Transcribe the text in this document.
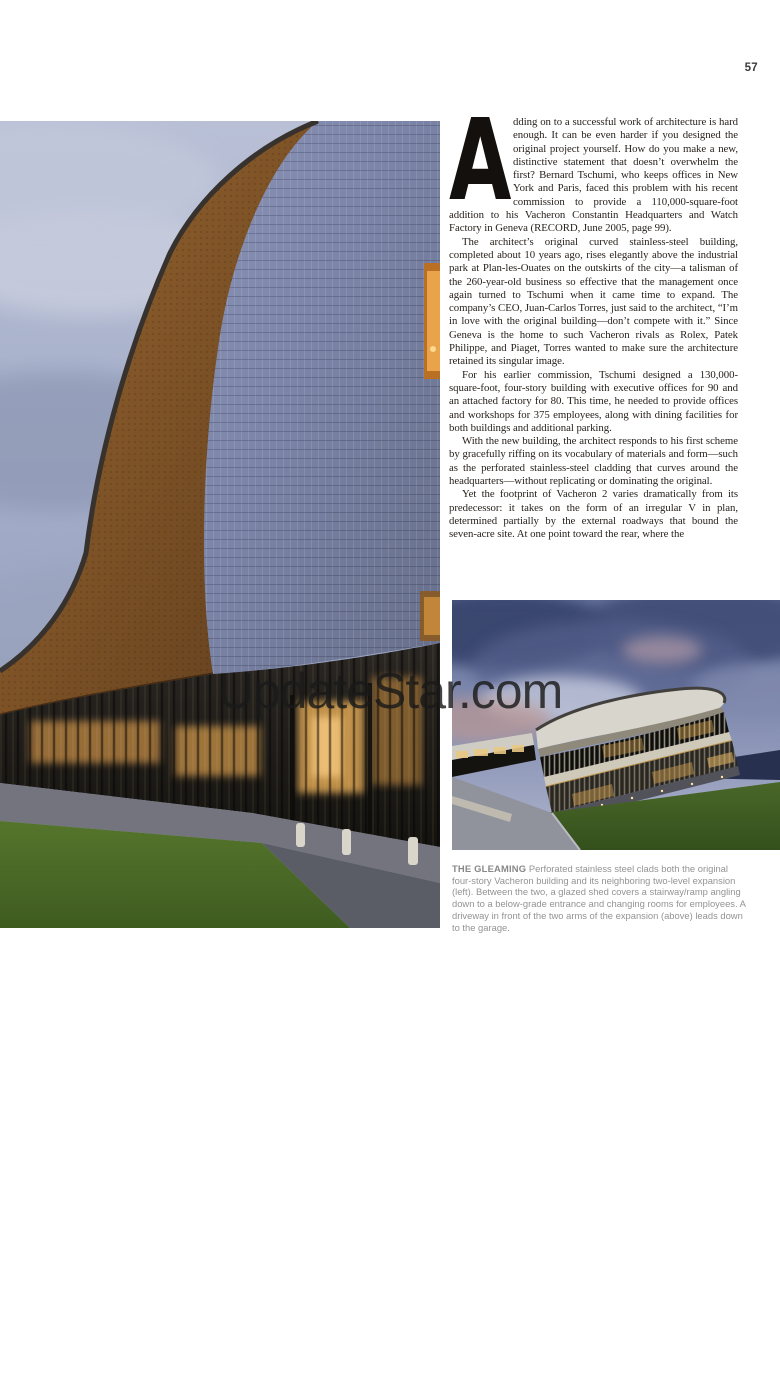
57

Adding on to a successful work of architecture is hard enough. It can be even harder if you designed the original project yourself. How do you make a new, distinctive statement that doesn’t overwhelm the first? Bernard Tschumi, who keeps offices in New York and Paris, faced this problem with his recent commission to provide a 110,000-square-foot addition to his Vacheron Constantin Headquarters and Watch Factory in Geneva (RECORD, June 2005, page 99).

The architect’s original curved stainless-steel building, completed about 10 years ago, rises elegantly above the industrial park at Plan-les-Ouates on the outskirts of the city—a talisman of the 260-year-old business so effective that the management once again turned to Tschumi when it came time to expand. The company’s CEO, Juan-Carlos Torres, just said to the architect, “I’m in love with the original building—don’t compete with it.” Since Geneva is the home to such Vacheron rivals as Rolex, Patek Philippe, and Piaget, Torres wanted to make sure the architecture retained its singular image.

For his earlier commission, Tschumi designed a 130,000-square-foot, four-story building with executive offices for 90 and an attached factory for 80. This time, he needed to provide offices and workshops for 375 employees, along with dining facilities for both buildings and additional parking.

With the new building, the architect responds to his first scheme by gracefully riffing on its vocabulary of materials and form—such as the perforated stainless-steel cladding that curves around the headquarters—without replicating or dominating the original.

Yet the footprint of Vacheron 2 varies dramatically from its predecessor: it takes on the form of an irregular V in plan, determined partially by the external roadways that bound the seven-acre site. At one point toward the rear, where the

THE GLEAMING Perforated stainless steel clads both the original four-story Vacheron building and its neighboring two-level expansion (left). Between the two, a glazed shed covers a stairway/ramp angling down to a below-grade entrance and changing rooms for employees. A driveway in front of the two arms of the expansion (above) leads down to the garage.
UpdateStar.com
